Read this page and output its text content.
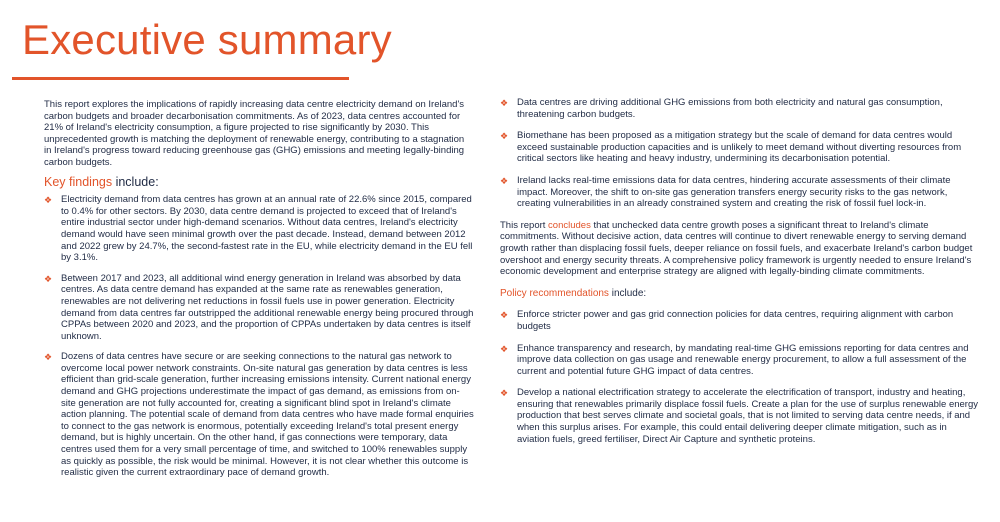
Executive summary

This report explores the implications of rapidly increasing data centre electricity demand on Ireland's carbon budgets and broader decarbonisation commitments. As of 2023, data centres accounted for 21% of Ireland's electricity consumption, a figure projected to rise significantly by 2030. This unprecedented growth is matching the deployment of renewable energy, contributing to a stagnation in Ireland's progress toward reducing greenhouse gas (GHG) emissions and meeting legally-binding carbon budgets.

Key findings include:
❖ Electricity demand from data centres has grown at an annual rate of 22.6% since 2015, compared to 0.4% for other sectors. By 2030, data centre demand is projected to exceed that of Ireland's entire industrial sector under high-demand scenarios. Without data centres, Ireland's electricity demand would have seen minimal growth over the past decade. Instead, demand between 2012 and 2022 grew by 24.7%, the second-fastest rate in the EU, while electricity demand in the EU fell by 3.1%.
❖ Between 2017 and 2023, all additional wind energy generation in Ireland was absorbed by data centres. As data centre demand has expanded at the same rate as renewables generation, renewables are not delivering net reductions in fossil fuels use in power generation. Electricity demand from data centres far outstripped the additional renewable energy being procured through CPPAs between 2020 and 2023, and the proportion of CPPAs undertaken by data centres is itself unknown.
❖ Dozens of data centres have secure or are seeking connections to the natural gas network to overcome local power network constraints. On-site natural gas generation by data centres is less efficient than grid-scale generation, further increasing emissions intensity. Current national energy demand and GHG projections underestimate the impact of gas demand, as emissions from on-site generation are not fully accounted for, creating a significant blind spot in Ireland's climate action planning. The potential scale of demand from data centres who have made formal enquiries to connect to the gas network is enormous, potentially exceeding Ireland's total present energy demand, but is highly uncertain. On the other hand, if gas connections were temporary, data centres used them for a very small percentage of time, and switched to 100% renewables supply as quickly as possible, the risk would be minimal. However, it is not clear whether this outcome is realistic given the current extraordinary pace of demand growth.
❖ Data centres are driving additional GHG emissions from both electricity and natural gas consumption, threatening carbon budgets.
❖ Biomethane has been proposed as a mitigation strategy but the scale of demand for data centres would exceed sustainable production capacities and is unlikely to meet demand without diverting resources from critical sectors like heating and heavy industry, undermining its decarbonisation potential.
❖ Ireland lacks real-time emissions data for data centres, hindering accurate assessments of their climate impact. Moreover, the shift to on-site gas generation transfers energy security risks to the gas network, creating vulnerabilities in an already constrained system and creating the risk of fossil fuel lock-in.

This report concludes that unchecked data centre growth poses a significant threat to Ireland's climate commitments. Without decisive action, data centres will continue to divert renewable energy to serving demand growth rather than displacing fossil fuels, deeper reliance on fossil fuels, and exacerbate Ireland's carbon budget overshoot and energy security threats. A comprehensive policy framework is urgently needed to ensure Ireland's economic development and enterprise strategy are aligned with legally-binding climate commitments.

Policy recommendations include:
❖ Enforce stricter power and gas grid connection policies for data centres, requiring alignment with carbon budgets
❖ Enhance transparency and research, by mandating real-time GHG emissions reporting for data centres and improve data collection on gas usage and renewable energy procurement, to allow a full assessment of the current and potential future GHG impact of data centres.
❖ Develop a national electrification strategy to accelerate the electrification of transport, industry and heating, ensuring that renewables primarily displace fossil fuels. Create a plan for the use of surplus renewable energy production that best serves climate and societal goals, that is not limited to serving data centre needs, if and when this surplus arises. For example, this could entail delivering deeper climate mitigation, such as in aviation fuels, greed fertiliser, Direct Air Capture and synthetic proteins.
